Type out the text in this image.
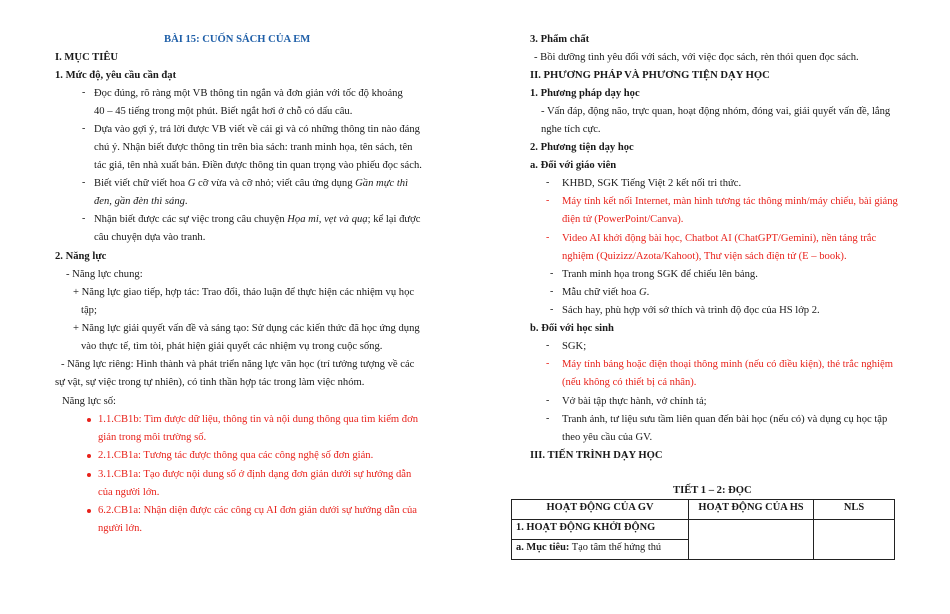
BÀI 15: CUỐN SÁCH CỦA EM
I. MỤC TIÊU
1. Mức độ, yêu cầu cần đạt
- Đọc đúng, rõ ràng một VB thông tin ngắn và đơn giản với tốc độ khoảng
40 – 45 tiếng trong một phút. Biết ngắt hơi ở chỗ có dấu câu.
- Dựa vào gợi ý, trả lời được VB viết về cái gì và có những thông tin nào đáng
chú ý. Nhận biết được thông tin trên bìa sách: tranh minh họa, tên sách, tên
tác giả, tên nhà xuất bản. Điền được thông tin quan trọng vào phiếu đọc sách.
- Biết viết chữ viết hoa G cỡ vừa và cỡ nhỏ; viết câu ứng dụng Gần mực thì
đen, gần đèn thì sáng.
- Nhận biết được các sự việc trong câu chuyện Họa mi, vẹt và quạ; kể lại được
câu chuyện dựa vào tranh.
2. Năng lực
- Năng lực chung:
+ Năng lực giao tiếp, hợp tác: Trao đổi, thảo luận để thực hiện các nhiệm vụ học
tập;
+ Năng lực giải quyết vấn đề và sáng tạo: Sử dụng các kiến thức đã học ứng dụng
vào thực tế, tìm tòi, phát hiện giải quyết các nhiệm vụ trong cuộc sống.
- Năng lực riêng: Hình thành và phát triển năng lực văn học (trí tưởng tượng về các
sự vật, sự việc trong tự nhiên), có tinh thần hợp tác trong làm việc nhóm.
Năng lực số:
1.1.CB1b: Tìm được dữ liệu, thông tin và nội dung thông qua tìm kiếm đơn
giản trong môi trường số.
2.1.CB1a: Tương tác được thông qua các công nghệ số đơn giản.
3.1.CB1a: Tạo được nội dung số ở định dạng đơn giản dưới sự hướng dẫn
của người lớn.
6.2.CB1a: Nhận diện được các công cụ AI đơn giản dưới sự hướng dẫn của
người lớn.
3. Phẩm chất
- Bồi dưỡng tình yêu đối với sách, với việc đọc sách, rèn thói quen đọc sách.
II. PHƯƠNG PHÁP VÀ PHƯƠNG TIỆN DẠY HỌC
1. Phương pháp dạy học
- Vấn đáp, động não, trực quan, hoạt động nhóm, đóng vai, giải quyết vấn đề, lắng
nghe tích cực.
2. Phương tiện dạy học
a. Đối với giáo viên
- KHBD, SGK Tiếng Việt 2 kết nối tri thức.
- Máy tính kết nối Internet, màn hình tương tác thông minh/máy chiếu, bài giảng
điện tử (PowerPoint/Canva).
- Video AI khởi động bài học, Chatbot AI (ChatGPT/Gemini), nền tảng trắc
nghiệm (Quizizz/Azota/Kahoot), Thư viện sách điện tử (E – book).
- Tranh minh họa trong SGK để chiếu lên bảng.
- Mẫu chữ viết hoa G.
- Sách hay, phù hợp với sở thích và trình độ đọc của HS lớp 2.
b. Đối với học sinh
- SGK;
- Máy tính bảng hoặc điện thoại thông minh (nếu có điều kiện), thẻ trắc nghiệm
(nếu không có thiết bị cá nhân).
- Vở bài tập thực hành, vở chính tả;
- Tranh ảnh, tư liệu sưu tầm liên quan đến bài học (nếu có) và dụng cụ học tập
theo yêu cầu của GV.
III. TIẾN TRÌNH DẠY HỌC
TIẾT 1 – 2: ĐỌC
HOẠT ĐỘNG CỦA GV	HOẠT ĐỘNG CỦA HS	NLS
1. HOẠT ĐỘNG KHỞI ĐỘNG		
a. Mục tiêu: Tạo tâm thế hứng thú		
